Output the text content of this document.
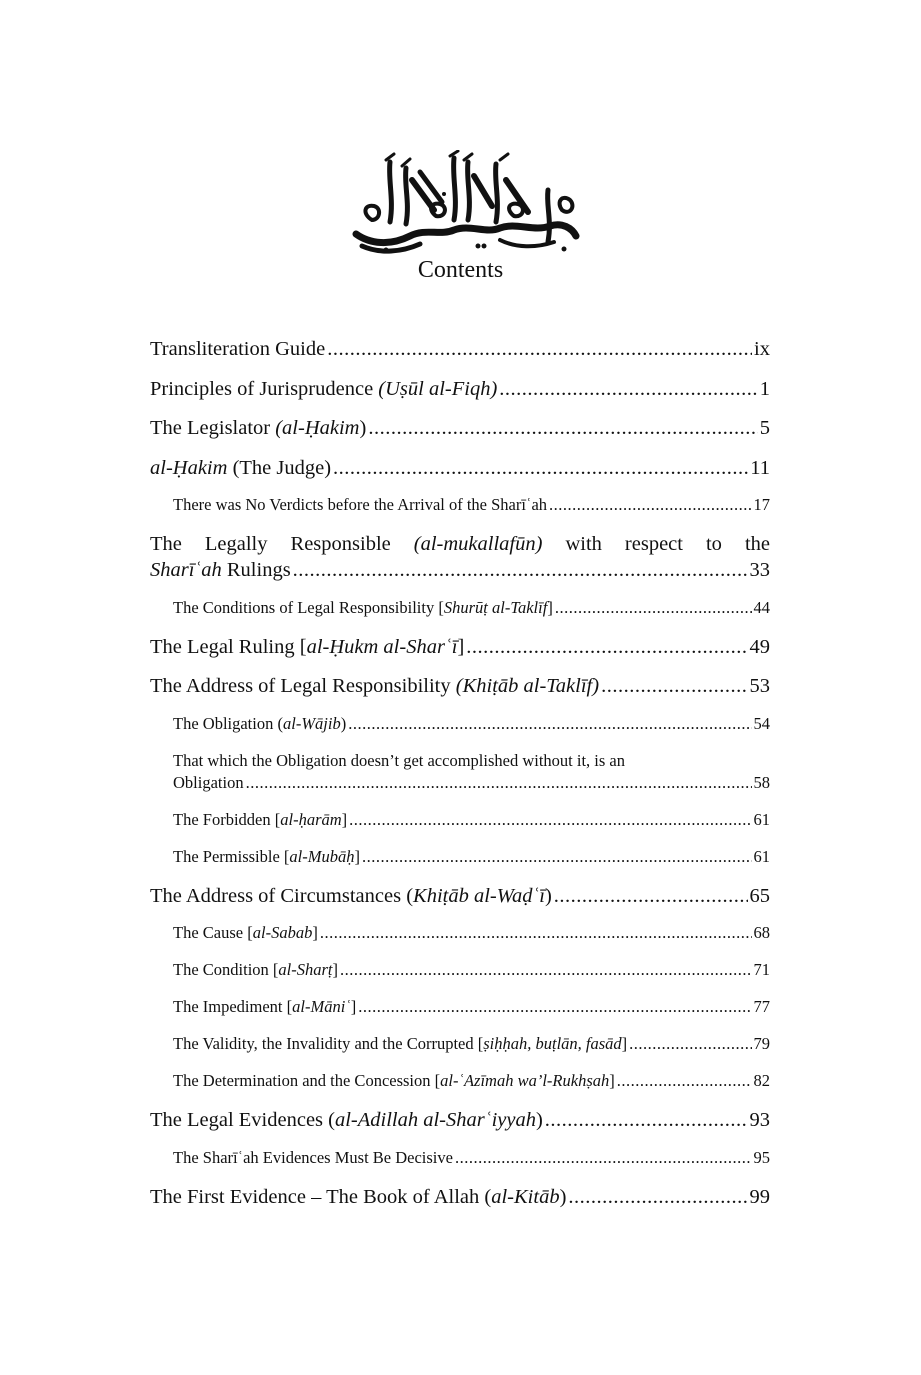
Contents
Transliteration Guide .....	ix
Principles of Jurisprudence (Uṣūl al-Fiqh) .....	1
The Legislator (al-Ḥakim) .....	5
al-Ḥakim (The Judge) .....	11
There was No Verdicts before the Arrival of the Sharīʿah .....	17
The Legally Responsible (al-mukallafūn) with respect to the
Sharīʿah Rulings .....	33
The Conditions of Legal Responsibility [Shurūṭ al-Taklīf] .....	44
The Legal Ruling [al-Ḥukm al-Sharʿī] .....	49
The Address of Legal Responsibility (Khiṭāb al-Taklīf) .....	53
The Obligation (al-Wājib) .....	54
That which the Obligation doesn’t get accomplished without it, is an
Obligation .....	58
The Forbidden [al-ḥarām] .....	61
The Permissible [al-Mubāḥ] .....	61
The Address of Circumstances (Khiṭāb al-Waḍʿī) .....	65
The Cause [al-Sabab] .....	68
The Condition [al-Sharṭ] .....	71
The Impediment [al-Māniʿ] .....	77
The Validity, the Invalidity and the Corrupted [ṣiḥḥah, buṭlān, fasād] .....	79
The Determination and the Concession [al-ʿAzīmah wa’l-Rukhṣah] .....	82
The Legal Evidences (al-Adillah al-Sharʿiyyah) .....	93
The Sharīʿah Evidences Must Be Decisive .....	95
The First Evidence – The Book of Allah (al-Kitāb) .....	99
